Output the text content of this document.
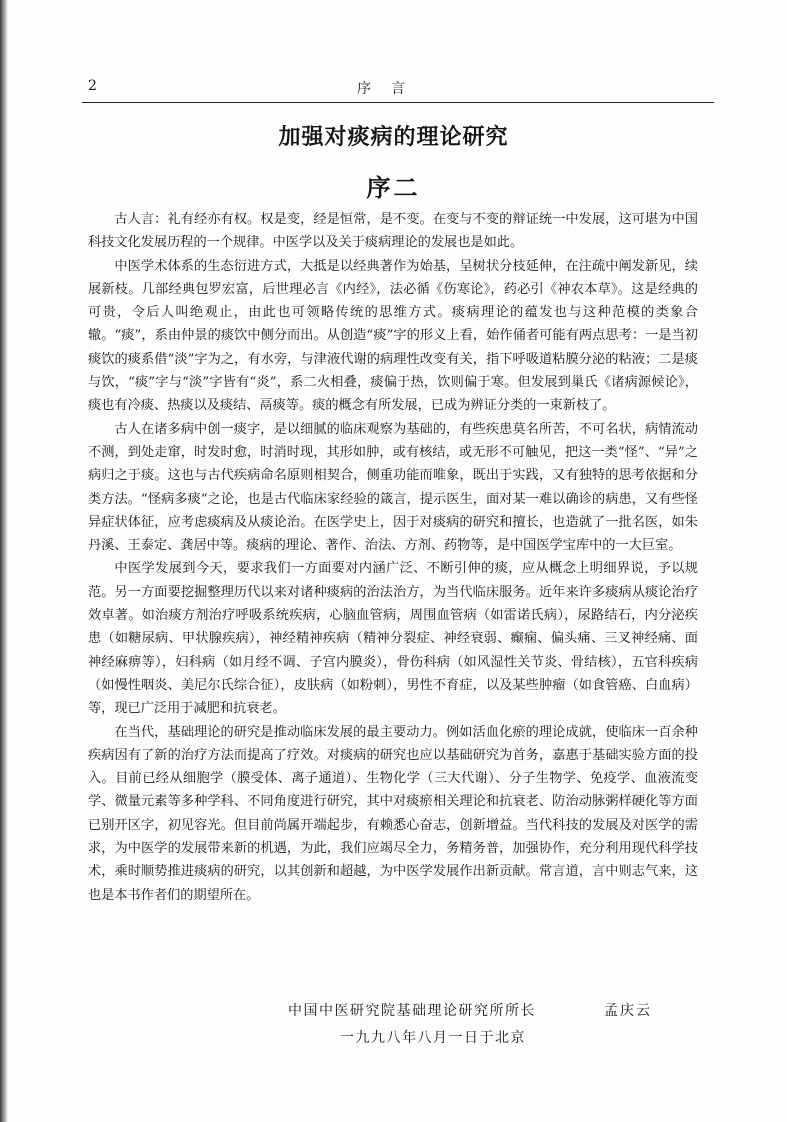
2	序言
加强对痰病的理论研究
序二

古人言：礼有经亦有权。权是变，经是恒常，是不变。在变与不变的辩证统一中发展，这可堪为中国科技文化发展历程的一个规律。中医学以及关于痰病理论的发展也是如此。

中医学术体系的生态衍进方式，大抵是以经典著作为始基，呈树状分枝延伸，在注疏中阐发新见，续展新枝。几部经典包罗宏富，后世理必言《内经》，法必循《伤寒论》，药必引《神农本草》。这是经典的可贵，令后人叫绝观止，由此也可领略传统的思维方式。痰病理论的蕴发也与这种范模的类象合辙。“痰”，系由仲景的痰饮中侧分而出。从创造“痰”字的形义上看，始作俑者可能有两点思考：一是当初痰饮的痰系借“淡”字为之，有水旁，与津液代谢的病理性改变有关，指下呼吸道粘膜分泌的粘液；二是痰与饮，“痰”字与“淡”字皆有“炎”，系二火相叠，痰偏于热，饮则偏于寒。但发展到巢氏《诸病源候论》，痰也有冷痰、热痰以及痰结、鬲痰等。痰的概念有所发展，已成为辨证分类的一束新枝了。

古人在诸多病中创一痰字，是以细腻的临床观察为基础的，有些疾患莫名所苦，不可名状，病情流动不测，到处走窜，时发时愈，时消时现，其形如肿，或有核结，或无形不可触见，把这一类“怪”、“异”之病归之于痰。这也与古代疾病命名原则相契合，侧重功能而唯象，既出于实践，又有独特的思考依据和分类方法。“怪病多痰”之论，也是古代临床家经验的箴言，提示医生，面对某一难以确诊的病患，又有些怪异症状体征，应考虑痰病及从痰论治。在医学史上，因于对痰病的研究和擅长，也造就了一批名医，如朱丹溪、王泰定、龚居中等。痰病的理论、著作、治法、方剂、药物等，是中国医学宝库中的一大巨室。

中医学发展到今天，要求我们一方面要对内涵广泛、不断引伸的痰，应从概念上明细界说，予以规范。另一方面要挖掘整理历代以来对诸种痰病的治法治方，为当代临床服务。近年来许多痰病从痰论治疗效卓著。如治痰方剂治疗呼吸系统疾病，心脑血管病，周围血管病（如雷诺氏病），尿路结石，内分泌疾患（如糖尿病、甲状腺疾病），神经精神疾病（精神分裂症、神经衰弱、癫痫、偏头痛、三叉神经痛、面神经麻痹等），妇科病（如月经不调、子宫内膜炎），骨伤科病（如风湿性关节炎、骨结核），五官科疾病（如慢性咽炎、美尼尔氏综合征），皮肤病（如粉刺），男性不育症，以及某些肿瘤（如食管癌、白血病）等，现已广泛用于减肥和抗衰老。

在当代，基础理论的研究是推动临床发展的最主要动力。例如活血化瘀的理论成就，使临床一百余种疾病因有了新的治疗方法而提高了疗效。对痰病的研究也应以基础研究为首务，嘉惠于基础实验方面的投入。目前已经从细胞学（膜受体、离子通道）、生物化学（三大代谢）、分子生物学、免疫学、血液流变学、微量元素等多种学科、不同角度进行研究，其中对痰瘀相关理论和抗衰老、防治动脉粥样硬化等方面已别开区字，初见容光。但目前尚属开端起步，有赖悉心奋志，创新增益。当代科技的发展及对医学的需求，为中医学的发展带来新的机遇，为此，我们应竭尽全力，务精务普，加强协作，充分利用现代科学技术，乘时顺势推进痰病的研究，以其创新和超越，为中医学发展作出新贡献。常言道，言中则志气来，这也是本书作者们的期望所在。

中国中医研究院基础理论研究所所长	孟庆云
一九九八年八月一日于北京
